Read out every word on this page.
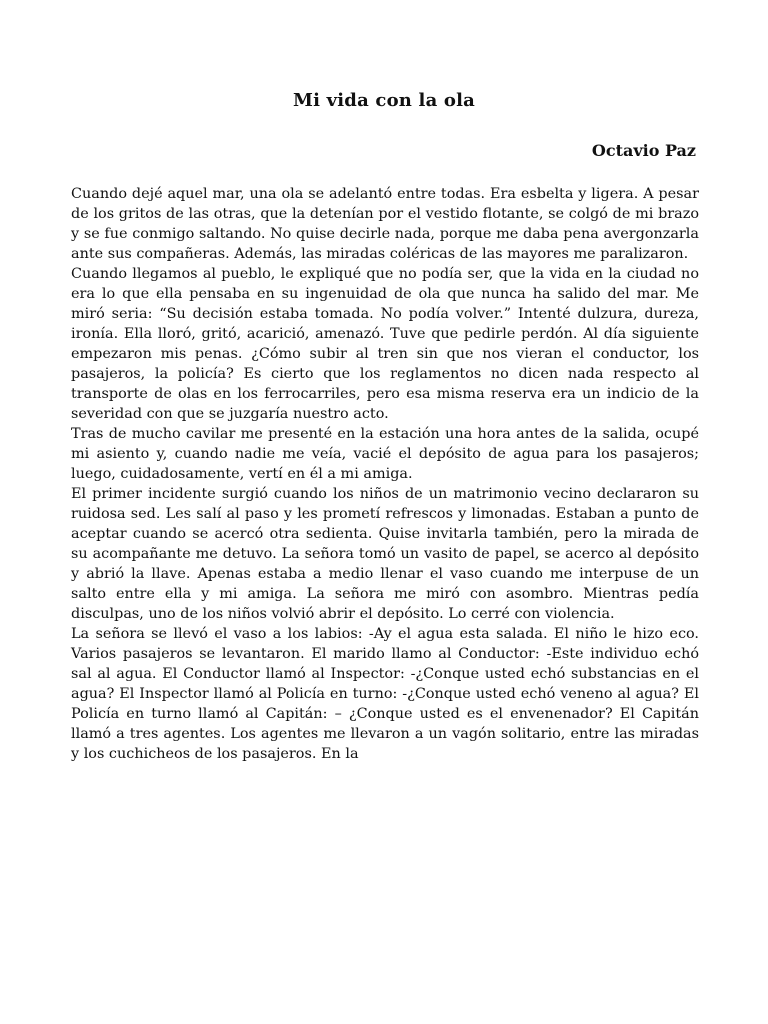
Mi vida con la ola
Octavio Paz

Cuando dejé aquel mar, una ola se adelantó entre todas. Era esbelta y ligera. A pesar de los gritos de las otras, que la detenían por el vestido flotante, se colgó de mi brazo y se fue conmigo saltando. No quise decirle nada, porque me daba pena avergonzarla ante sus compañeras. Además, las miradas coléricas de las mayores me paralizaron.

Cuando llegamos al pueblo, le expliqué que no podía ser, que la vida en la ciudad no era lo que ella pensaba en su ingenuidad de ola que nunca ha salido del mar. Me miró seria: “Su decisión estaba tomada. No podía volver.” Intenté dulzura, dureza, ironía. Ella lloró, gritó, acarició, amenazó. Tuve que pedirle perdón. Al día siguiente empezaron mis penas. ¿Cómo subir al tren sin que nos vieran el conductor, los pasajeros, la policía? Es cierto que los reglamentos no dicen nada respecto al transporte de olas en los ferrocarriles, pero esa misma reserva era un indicio de la severidad con que se juzgaría nuestro acto.

Tras de mucho cavilar me presenté en la estación una hora antes de la salida, ocupé mi asiento y, cuando nadie me veía, vacié el depósito de agua para los pasajeros; luego, cuidadosamente, vertí en él a mi amiga.

El primer incidente surgió cuando los niños de un matrimonio vecino declararon su ruidosa sed. Les salí al paso y les prometí refrescos y limonadas. Estaban a punto de aceptar cuando se acercó otra sedienta. Quise invitarla también, pero la mirada de su acompañante me detuvo. La señora tomó un vasito de papel, se acerco al depósito y abrió la llave. Apenas estaba a medio llenar el vaso cuando me interpuse de un salto entre ella y mi amiga. La señora me miró con asombro. Mientras pedía disculpas, uno de los niños volvió abrir el depósito. Lo cerré con violencia.

La señora se llevó el vaso a los labios: -Ay el agua esta salada. El niño le hizo eco. Varios pasajeros se levantaron. El marido llamo al Conductor: -Este individuo echó sal al agua. El Conductor llamó al Inspector: -¿Conque usted echó substancias en el agua? El Inspector llamó al Policía en turno: -¿Conque usted echó veneno al agua? El Policía en turno llamó al Capitán: – ¿Conque usted es el envenenador? El Capitán llamó a tres agentes. Los agentes me llevaron a un vagón solitario, entre las miradas y los cuchicheos de los pasajeros. En la
